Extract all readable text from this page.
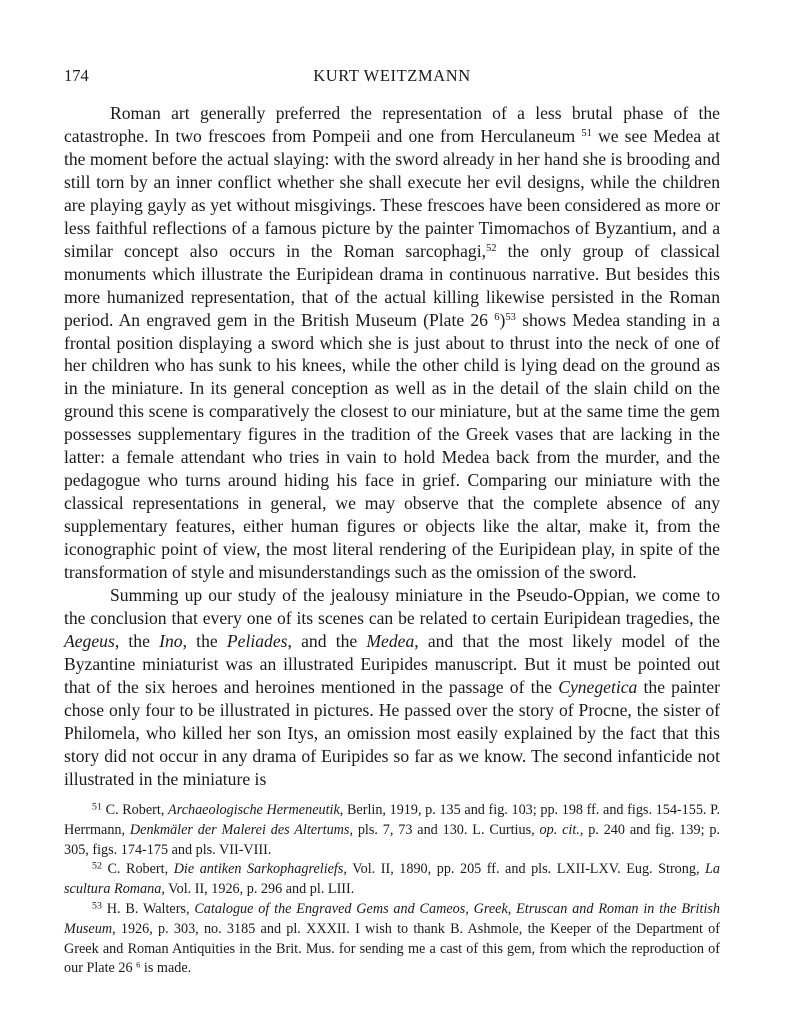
174	KURT WEITZMANN

Roman art generally preferred the representation of a less brutal phase of the catastrophe. In two frescoes from Pompeii and one from Herculaneum $^{51}$ we see Medea at the moment before the actual slaying: with the sword already in her hand she is brooding and still torn by an inner conflict whether she shall execute her evil designs, while the children are playing gayly as yet without misgivings. These frescoes have been considered as more or less faithful reflections of a famous picture by the painter Timomachos of Byzantium, and a similar concept also occurs in the Roman sarcophagi,$^{52}$ the only group of classical monuments which illustrate the Euripidean drama in continuous narrative. But besides this more humanized representation, that of the actual killing likewise persisted in the Roman period. An engraved gem in the British Museum (Plate 26 $^6$)$^{53}$ shows Medea standing in a frontal position displaying a sword which she is just about to thrust into the neck of one of her children who has sunk to his knees, while the other child is lying dead on the ground as in the miniature. In its general conception as well as in the detail of the slain child on the ground this scene is comparatively the closest to our miniature, but at the same time the gem possesses supplementary figures in the tradition of the Greek vases that are lacking in the latter: a female attendant who tries in vain to hold Medea back from the murder, and the pedagogue who turns around hiding his face in grief. Comparing our miniature with the classical representations in general, we may observe that the complete absence of any supplementary features, either human figures or objects like the altar, make it, from the iconographic point of view, the most literal rendering of the Euripidean play, in spite of the transformation of style and misunderstandings such as the omission of the sword.

Summing up our study of the jealousy miniature in the Pseudo-Oppian, we come to the conclusion that every one of its scenes can be related to certain Euripidean tragedies, the Aegeus, the Ino, the Peliades, and the Medea, and that the most likely model of the Byzantine miniaturist was an illustrated Euripides manuscript. But it must be pointed out that of the six heroes and heroines mentioned in the passage of the Cynegetica the painter chose only four to be illustrated in pictures. He passed over the story of Procne, the sister of Philomela, who killed her son Itys, an omission most easily explained by the fact that this story did not occur in any drama of Euripides so far as we know. The second infanticide not illustrated in the miniature is

$^{51}$ C. Robert, Archaeologische Hermeneutik, Berlin, 1919, p. 135 and fig. 103; pp. 198 ff. and figs. 154-155. P. Herrmann, Denkmäler der Malerei des Altertums, pls. 7, 73 and 130. L. Curtius, op. cit., p. 240 and fig. 139; p. 305, figs. 174-175 and pls. VII-VIII.

$^{52}$ C. Robert, Die antiken Sarkophagreliefs, Vol. II, 1890, pp. 205 ff. and pls. LXII-LXV. Eug. Strong, La scultura Romana, Vol. II, 1926, p. 296 and pl. LIII.

$^{53}$ H. B. Walters, Catalogue of the Engraved Gems and Cameos, Greek, Etruscan and Roman in the British Museum, 1926, p. 303, no. 3185 and pl. XXXII. I wish to thank B. Ashmole, the Keeper of the Department of Greek and Roman Antiquities in the Brit. Mus. for sending me a cast of this gem, from which the reproduction of our Plate 26 $^6$ is made.
